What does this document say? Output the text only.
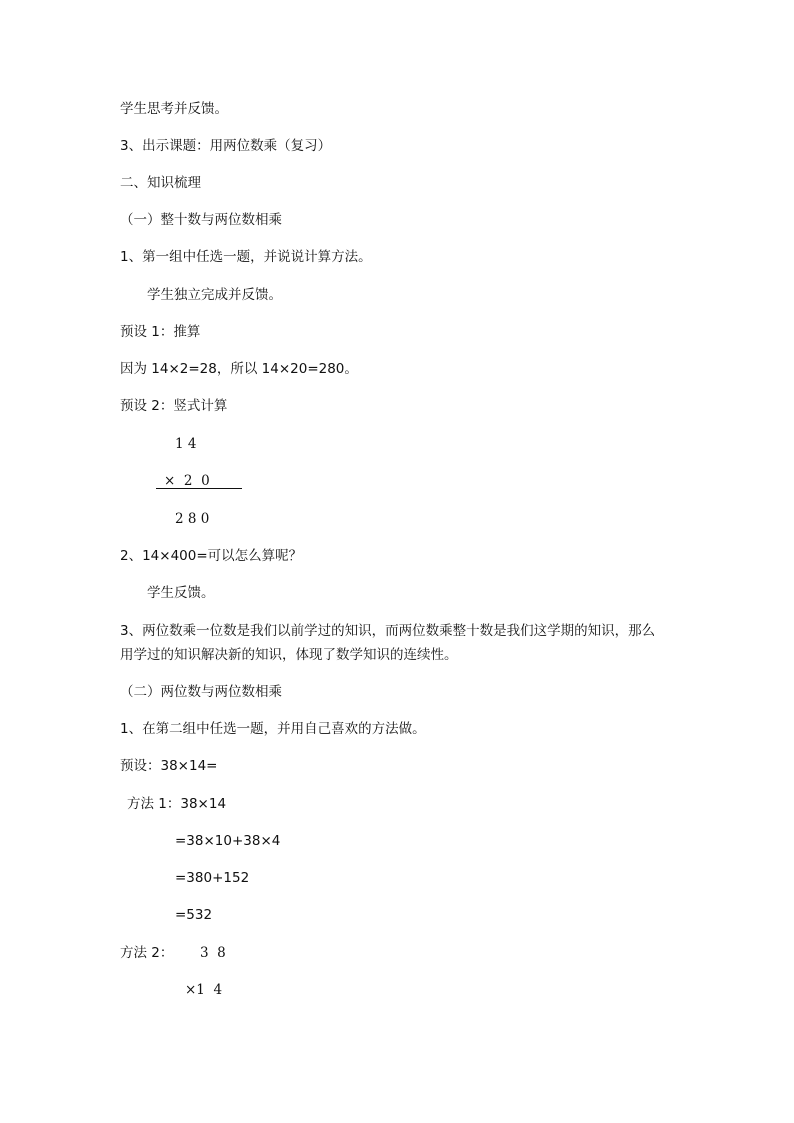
学生思考并反馈。
3、出示课题：用两位数乘（复习）
二、知识梳理
（一）整十数与两位数相乘
1、第一组中任选一题，并说说计算方法。
学生独立完成并反馈。
预设 1：推算
因为 14×2=28，所以 14×20=280。
预设 2：竖式计算
1 4
×  2  0
2 8 0
2、14×400=可以怎么算呢？
学生反馈。
3、两位数乘一位数是我们以前学过的知识，而两位数乘整十数是我们这学期的知识，那么
用学过的知识解决新的知识，体现了数学知识的连续性。
（二）两位数与两位数相乘
1、在第二组中任选一题，并用自己喜欢的方法做。
预设：38×14=
方法 1：38×14
=38×10+38×4
=380+152
=532
方法 2： 3  8
×1  4
